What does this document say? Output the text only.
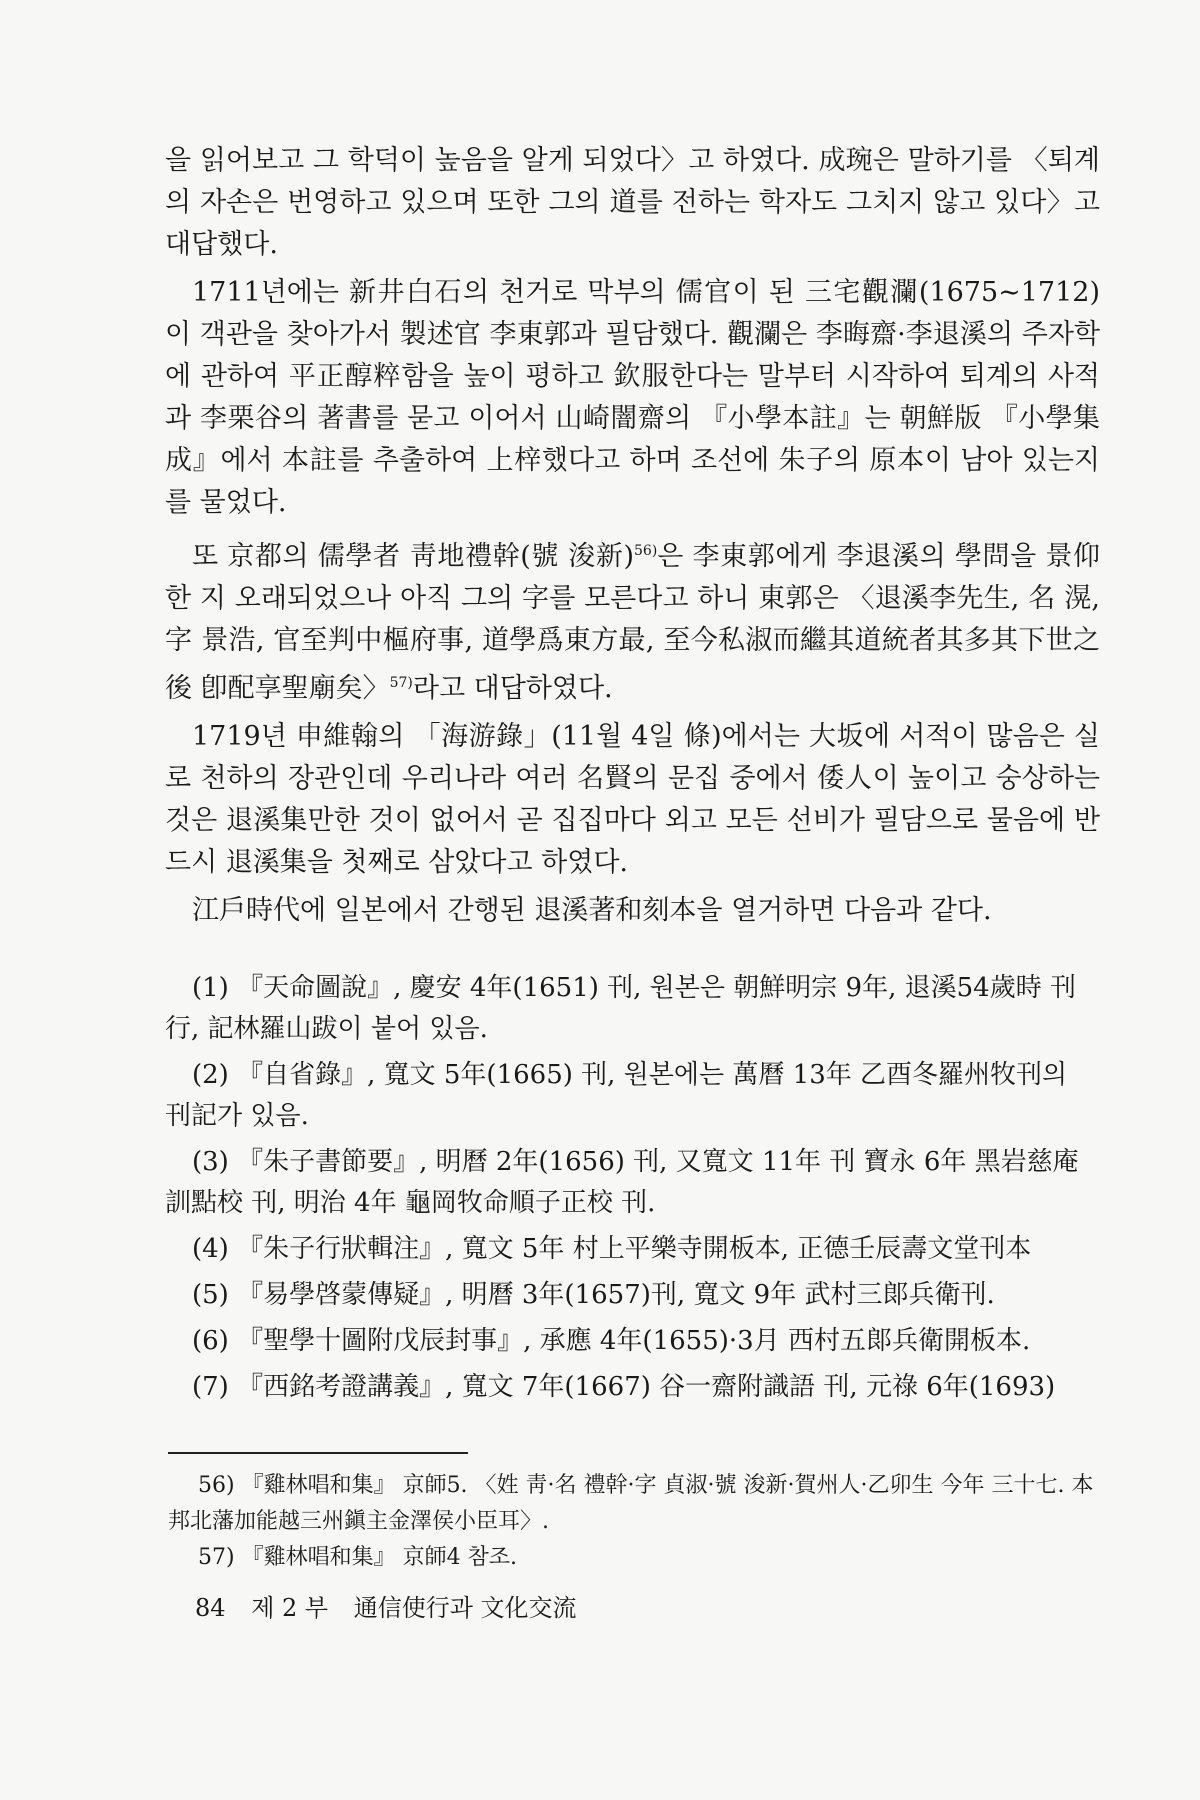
을 읽어보고 그 학덕이 높음을 알게 되었다〉고 하였다. 成琬은 말하기를 〈퇴계의 자손은 번영하고 있으며 또한 그의 道를 전하는 학자도 그치지 않고 있다〉고 대답했다.

1711년에는 新井白石의 천거로 막부의 儒官이 된 三宅觀瀾(1675∼1712)이 객관을 찾아가서 製述官 李東郭과 필담했다. 觀瀾은 李晦齋·李退溪의 주자학에 관하여 平正醇粹함을 높이 평하고 欽服한다는 말부터 시작하여 퇴계의 사적과 李栗谷의 著書를 묻고 이어서 山崎闇齋의 『小學本註』는 朝鮮版 『小學集成』에서 本註를 추출하여 上梓했다고 하며 조선에 朱子의 原本이 남아 있는지를 물었다.

또 京都의 儒學者 靑地禮幹(號 浚新)$^{56)}$은 李東郭에게 李退溪의 學問을 景仰한 지 오래되었으나 아직 그의 字를 모른다고 하니 東郭은 〈退溪李先生, 名 滉, 字 景浩, 官至判中樞府事, 道學爲東方最, 至今私淑而繼其道統者其多其下世之後 卽配享聖廟矣〉$^{57)}$라고 대답하였다.

1719년 申維翰의 「海游錄」(11월 4일 條)에서는 大坂에 서적이 많음은 실로 천하의 장관인데 우리나라 여러 名賢의 문집 중에서 倭人이 높이고 숭상하는 것은 退溪集만한 것이 없어서 곧 집집마다 외고 모든 선비가 필담으로 물음에 반드시 退溪集을 첫째로 삼았다고 하였다.

江戶時代에 일본에서 간행된 退溪著和刻本을 열거하면 다음과 같다.

(1) 『天命圖說』, 慶安 4年(1651) 刊, 원본은 朝鮮明宗 9年, 退溪54歲時 刊行, 記林羅山跋이 붙어 있음.

(2) 『自省錄』, 寬文 5年(1665) 刊, 원본에는 萬曆 13年 乙酉冬羅州牧刊의 刊記가 있음.

(3) 『朱子書節要』, 明曆 2年(1656) 刊, 又寬文 11年 刊 寶永 6年 黑岩慈庵訓點校 刊, 明治 4年 龜岡牧命順子正校 刊.

(4) 『朱子行狀輯注』, 寬文 5年 村上平樂寺開板本, 正德壬辰壽文堂刊本

(5) 『易學啓蒙傳疑』, 明曆 3年(1657)刊, 寬文 9年 武村三郞兵衛刊.

(6) 『聖學十圖附戊辰封事』, 承應 4年(1655)·3月 西村五郞兵衛開板本.

(7) 『西銘考證講義』, 寬文 7年(1667) 谷一齋附識語 刊, 元祿 6年(1693)

56) 『雞林唱和集』 京師5. 〈姓 靑·名 禮幹·字 貞淑·號 浚新·賀州人·乙卯生 今年 三十七. 本邦北藩加能越三州鎭主金澤侯小臣耳〉.

57) 『雞林唱和集』 京師4 참조.

84 제 2 부 通信使行과 文化交流
